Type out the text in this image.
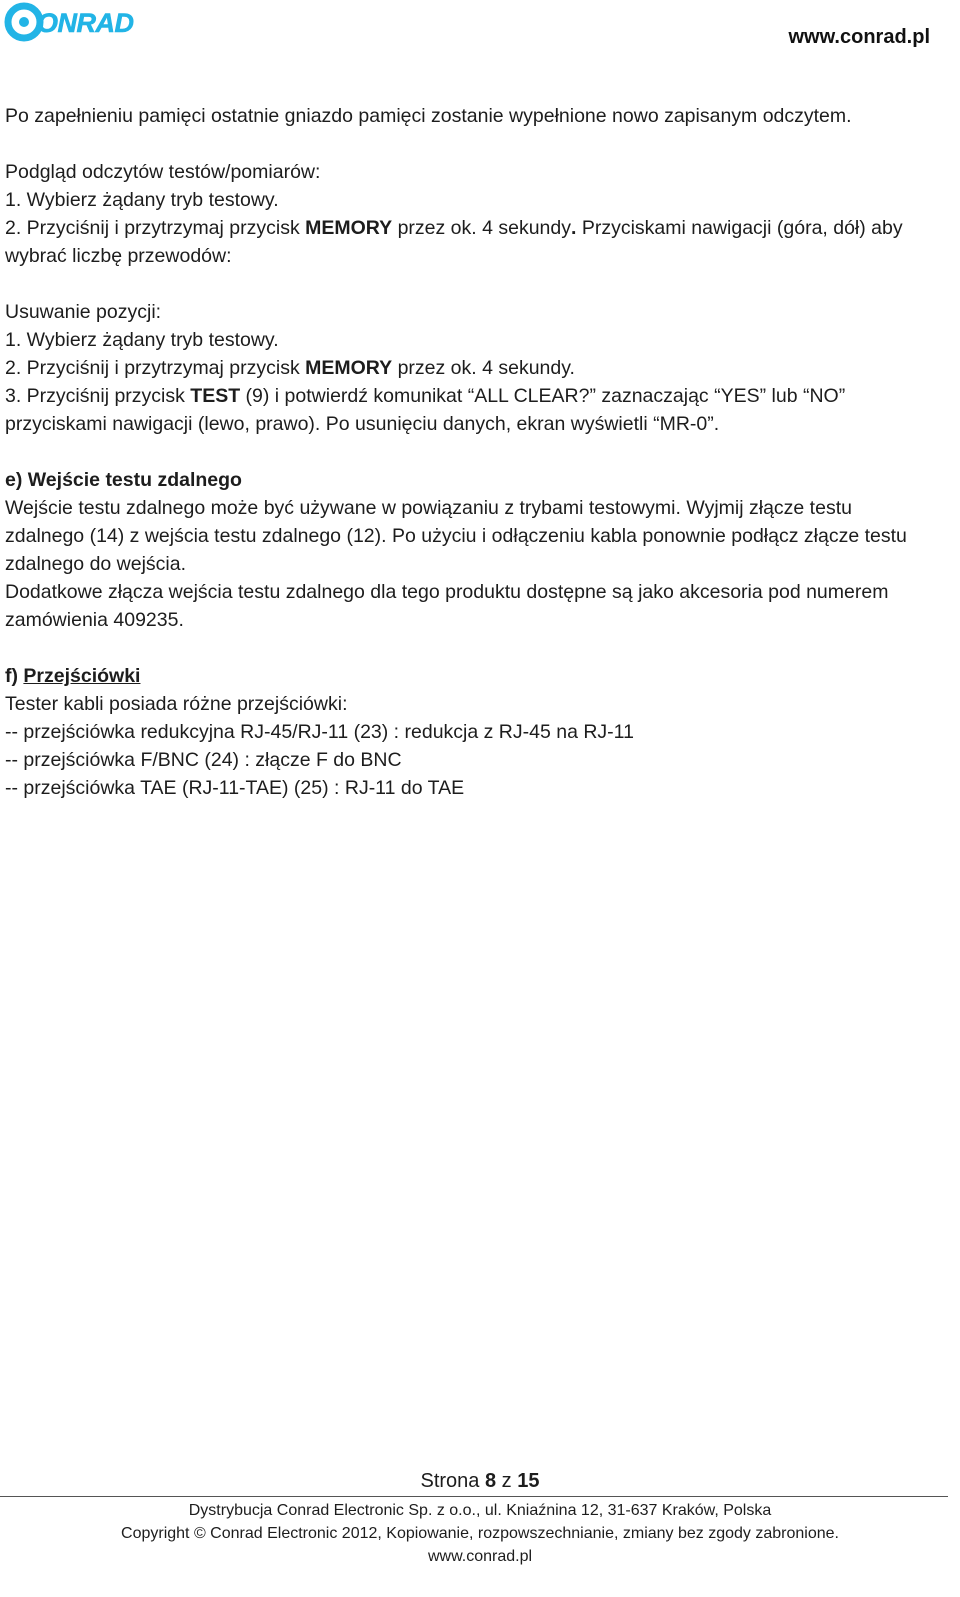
ONRAD	www.conrad.pl

Po zapełnieniu pamięci ostatnie gniazdo pamięci zostanie wypełnione nowo zapisanym odczytem.

Podgląd odczytów testów/pomiarów:

1. Wybierz żądany tryb testowy.

2. Przyciśnij i przytrzymaj przycisk MEMORY przez ok. 4 sekundy. Przyciskami nawigacji (góra, dół) aby wybrać liczbę przewodów:

Usuwanie pozycji:

1. Wybierz żądany tryb testowy.

2. Przyciśnij i przytrzymaj przycisk MEMORY przez ok. 4 sekundy.

3. Przyciśnij przycisk TEST (9) i potwierdź komunikat “ALL CLEAR?” zaznaczając “YES” lub “NO” przyciskami nawigacji (lewo, prawo). Po usunięciu danych, ekran wyświetli “MR-0”.

e) Wejście testu zdalnego

Wejście testu zdalnego może być używane w powiązaniu z trybami testowymi. Wyjmij złącze testu zdalnego (14) z wejścia testu zdalnego (12). Po użyciu i odłączeniu kabla ponownie podłącz złącze testu zdalnego do wejścia.

Dodatkowe złącza wejścia testu zdalnego dla tego produktu dostępne są jako akcesoria pod numerem zamówienia 409235.

f) Przejściówki

Tester kabli posiada różne przejściówki:

-- przejściówka redukcyjna RJ-45/RJ-11 (23) : redukcja z RJ-45 na RJ-11

-- przejściówka F/BNC (24) : złącze F do BNC

-- przejściówka TAE (RJ-11-TAE) (25) : RJ-11 do TAE

Strona 8 z 15
Dystrybucja Conrad Electronic Sp. z o.o., ul. Kniaźnina 12, 31-637 Kraków, Polska
Copyright © Conrad Electronic 2012, Kopiowanie, rozpowszechnianie, zmiany bez zgody zabronione.
www.conrad.pl
